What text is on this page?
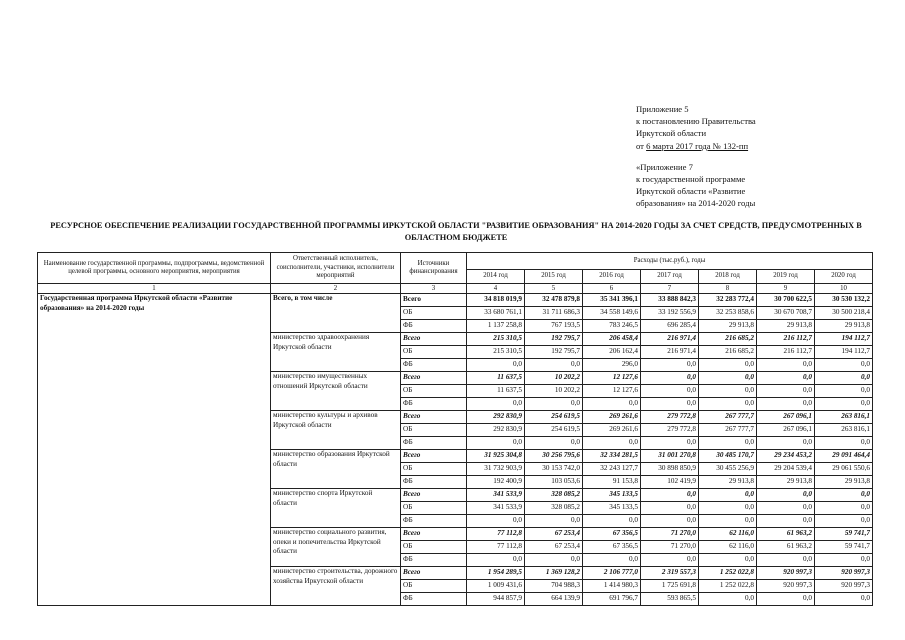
Приложение 5
к постановлению Правительства
Иркутской области
от 6 марта 2017 года № 132-пп
«Приложение 7
к государственной программе
Иркутской области «Развитие
образования» на 2014-2020 годы
РЕСУРСНОЕ ОБЕСПЕЧЕНИЕ РЕАЛИЗАЦИИ ГОСУДАРСТВЕННОЙ ПРОГРАММЫ ИРКУТСКОЙ ОБЛАСТИ "РАЗВИТИЕ ОБРАЗОВАНИЯ" НА 2014-2020 ГОДЫ ЗА СЧЕТ СРЕДСТВ, ПРЕДУСМОТРЕННЫХ В ОБЛАСТНОМ БЮДЖЕТЕ
Наименование государственной программы, подпрограммы, ведомственной целевой программы, основного мероприятия, мероприятия	Ответственный исполнитель, соисполнители, участники, исполнители мероприятий	Источники финансирования	Расходы (тыс.руб.), годы						
			2014 год	2015 год	2016 год	2017 год	2018 год	2019 год	2020 год
1	2	3	4	5	6	7	8	9	10
Государственная программа Иркутской области «Развитие образования» на 2014-2020 годы	Всего, в том числе	Всего	34 818 019,9	32 478 879,8	35 341 396,1	33 888 842,3	32 283 772,4	30 700 622,5	30 530 132,2
		ОБ	33 680 761,1	31 711 686,3	34 558 149,6	33 192 556,9	32 253 858,6	30 670 708,7	30 500 218,4
		ФБ	1 137 258,8	767 193,5	783 246,5	696 285,4	29 913,8	29 913,8	29 913,8
	министерство здравоохранения Иркутской области	Всего	215 310,5	192 795,7	206 458,4	216 971,4	216 685,2	216 112,7	194 112,7
		ОБ	215 310,5	192 795,7	206 162,4	216 971,4	216 685,2	216 112,7	194 112,7
		ФБ	0,0	0,0	296,0	0,0	0,0	0,0	0,0
	министерство имущественных отношений Иркутской области	Всего	11 637,5	10 202,2	12 127,6	0,0	0,0	0,0	0,0
		ОБ	11 637,5	10 202,2	12 127,6	0,0	0,0	0,0	0,0
		ФБ	0,0	0,0	0,0	0,0	0,0	0,0	0,0
	министерство культуры и архивов Иркутской области	Всего	292 830,9	254 619,5	269 261,6	279 772,8	267 777,7	267 096,1	263 816,1
		ОБ	292 830,9	254 619,5	269 261,6	279 772,8	267 777,7	267 096,1	263 816,1
		ФБ	0,0	0,0	0,0	0,0	0,0	0,0	0,0
	министерство образования Иркутской области	Всего	31 925 304,8	30 256 795,6	32 334 281,5	31 001 270,8	30 485 170,7	29 234 453,2	29 091 464,4
		ОБ	31 732 903,9	30 153 742,0	32 243 127,7	30 898 850,9	30 455 256,9	29 204 539,4	29 061 550,6
		ФБ	192 400,9	103 053,6	91 153,8	102 419,9	29 913,8	29 913,8	29 913,8
	министерство спорта Иркутской области	Всего	341 533,9	328 085,2	345 133,5	0,0	0,0	0,0	0,0
		ОБ	341 533,9	328 085,2	345 133,5	0,0	0,0	0,0	0,0
		ФБ	0,0	0,0	0,0	0,0	0,0	0,0	0,0
	министерство социального развития, опеки и попечительства Иркутской области	Всего	77 112,8	67 253,4	67 356,5	71 270,0	62 116,0	61 963,2	59 741,7
		ОБ	77 112,8	67 253,4	67 356,5	71 270,0	62 116,0	61 963,2	59 741,7
		ФБ	0,0	0,0	0,0	0,0	0,0	0,0	0,0
	министерство строительства, дорожного хозяйства Иркутской области	Всего	1 954 289,5	1 369 128,2	2 106 777,0	2 319 557,3	1 252 022,8	920 997,3	920 997,3
		ОБ	1 009 431,6	704 988,3	1 414 980,3	1 725 691,8	1 252 022,8	920 997,3	920 997,3
		ФБ	944 857,9	664 139,9	691 796,7	593 865,5	0,0	0,0	0,0
